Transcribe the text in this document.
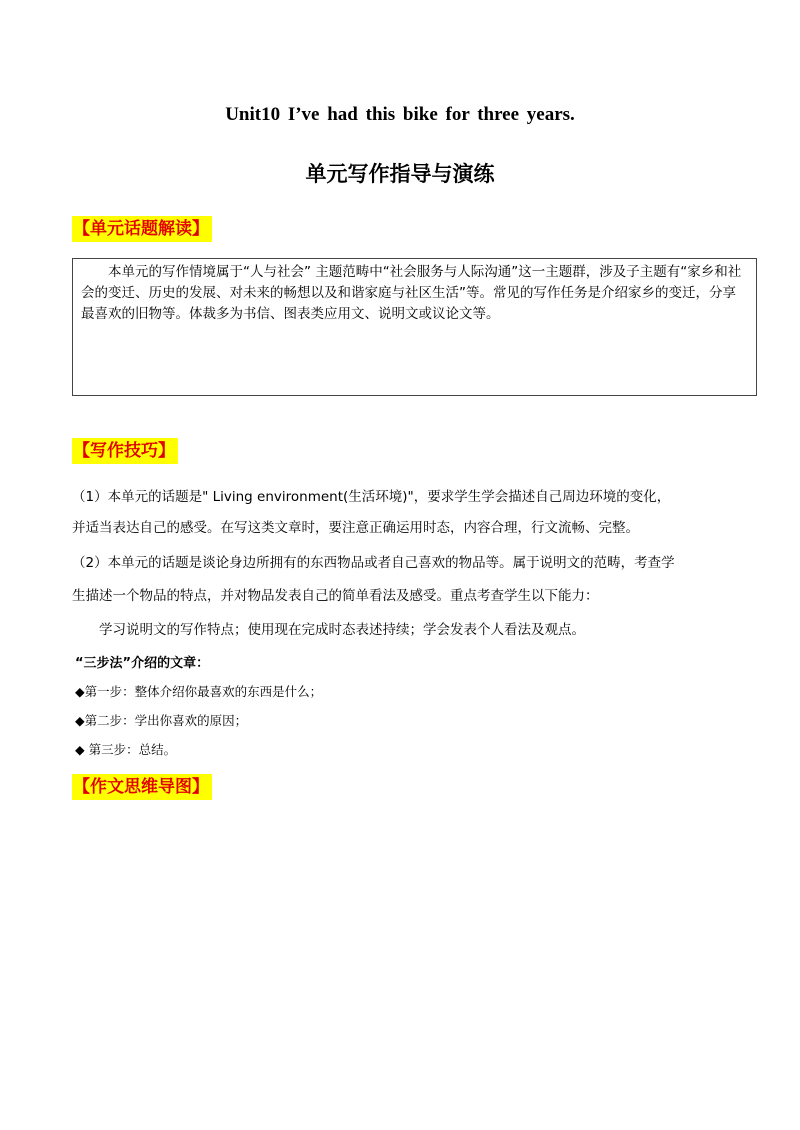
Unit10 I’ve had this bike for three years.
单元写作指导与演练
【单元话题解读】
本单元的写作情境属于“人与社会” 主题范畴中“社会服务与人际沟通”这一主题群，涉及子主题有“家乡和社会的变迁、历史的发展、对未来的畅想以及和谐家庭与社区生活”等。常见的写作任务是介绍家乡的变迁，分享最喜欢的旧物等。体裁多为书信、图表类应用文、说明文或议论文等。
【写作技巧】
（1）本单元的话题是" Living environment(生活环境)"，要求学生学会描述自己周边环境的变化，
并适当表达自己的感受。在写这类文章时，要注意正确运用时态，内容合理，行文流畅、完整。
（2）本单元的话题是谈论身边所拥有的东西物品或者自己喜欢的物品等。属于说明文的范畴，考查学
生描述一个物品的特点，并对物品发表自己的简单看法及感受。重点考查学生以下能力：
学习说明文的写作特点；使用现在完成时态表述持续；学会发表个人看法及观点。
“三步法”介绍的文章：
◆第一步：整体介绍你最喜欢的东西是什么；
◆第二步：学出你喜欢的原因；
◆ 第三步：总结。
【作文思维导图】
